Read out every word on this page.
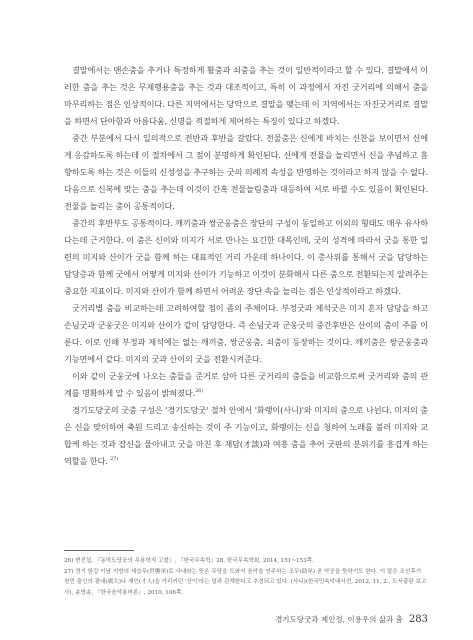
결말에서는 맨손춤을 추거나 특정하게 활춤과 쇠춤을 추는 것이 일반적이라고 할 수 있다. 결말에서 이러한 춤을 추는 것은 무제행용춤을 추는 것과 대조적이고, 특히 이 과정에서 자진 굿거리에 의해서 춤을 마무리하는 점은 인상적이다. 다른 지역에서는 당악으로 결말을 맺는데 이 지역에서는 자진굿거리로 결말을 하면서 단아함과 아름다움, 신명을 적절하게 제어하는 특징이 있다고 하겠다.

중간 부분에서 다시 일의적으로 전반과 후반을 갈랐다. 전물춤은 신에게 바치는 신찬을 보이면서 신에게 응감하도록 하는데 이 절차에서 그 점이 분명하게 확인된다. 신에게 전물을 놀리면서 신을 추념하고 흠향하도록 하는 것은 이들의 신성성을 추구하는 굿의 의례적 속성을 반영하는 것이라고 하지 않을 수 없다. 다음으로 신복에 맞는 춤을 추는데 이것이 간혹 전물놀림춤과 대등하여 서로 바뀔 수도 있음이 확인된다. 전물을 놀리는 춤이 공통적이다.

중간의 후반부도 공통적이다. 깨끼춤과 쌍군웅춤은 장단의 구성이 동일하고 이외의 형태도 매우 유사하다는데 근거한다. 이 춤은 신이와 미지가 서로 만나는 요긴한 대목인데, 굿의 성격에 따라서 굿을 통한 일련의 미지와 산이가 굿을 함께 하는 대표적인 거리 가운데 하나이다. 이 총사위를 통해서 굿을 담당하는 담당층과 함께 굿에서 어떻게 미지와 산이가 기능하고 이것이 분화해서 다른 춤으로 전환되는지 알려주는 중요한 지표이다. 미지와 산이가 함께 하면서 어려운 장단 속을 놀리는 점은 인상적이라고 하겠다.

굿거리별 춤을 비교하는데 고려하여할 점이 좀의 주체이다. 부정굿과 제석굿은 미지 혼자 담당을 하고 손님굿과 군웅굿은 미지와 산이가 같이 담당한다. 즉 손님굿과 군웅굿의 중간후반은 산이의 춤이 주를 이룬다. 이로 인해 부정과 제석에는 없는 깨끼춤, 쌍군웅춤, 쇠춤이 등장하는 것이다. 깨끼춤은 쌍군웅춤과 기능면에서 같다. 미지의 굿과 산이의 굿을 전환시켜준다.

이와 같이 군웅굿에 나오는 춤들을 준거로 삼아 다른 굿거리의 춤들을 비교함으로써 굿거리와 춤의 관계를 명확하게 알 수 있음이 밝혀졌다.$^{26)}$

경기도당굿의 굿춤 구성은 '경기도당굿' 절차 안에서 '화랭이(사니)'와 미지의 춤으로 나뉜다. 미지의 춤은 신을 맞이하여 축원 드리고 송신하는 것이 주 기능이고, 화랭이는 신을 청하여 노래를 불러 미지와 교합케 하는 것과 잡신을 물아내고 굿을 마친 후 재담(才談)과 여흥 춤을 추어 굿판의 분위기를 흥겹게 하는 역할을 한다. $^{27)}$

26) 변진섭, 『동막도당굿의 무용학적 고찰』, 『한국무속학』28, 한국무속학회, 2014, 151~153쪽.

27) 경기 한강 이남 지방의 세습무(世襲巫)로 사내라는 뜻은 무당을 도와서 음악을 연주하는 조무(助巫) 곧 악공을 뜻하기도 한다. 이 말은 조선후기 천민 출신의 광대(廣大)나 재인(才人)을 가리키던 '산이'라는 말과 관계한다고 추정되고 있다. (사니)(한국민속악대사전, 2012, 11, 2., 도서출판 보고사), 송방송, 『한국음악용어론』, 2010, 106쪽.

경기도당굿과 제인정, 이용우의 삶과 춤 283
